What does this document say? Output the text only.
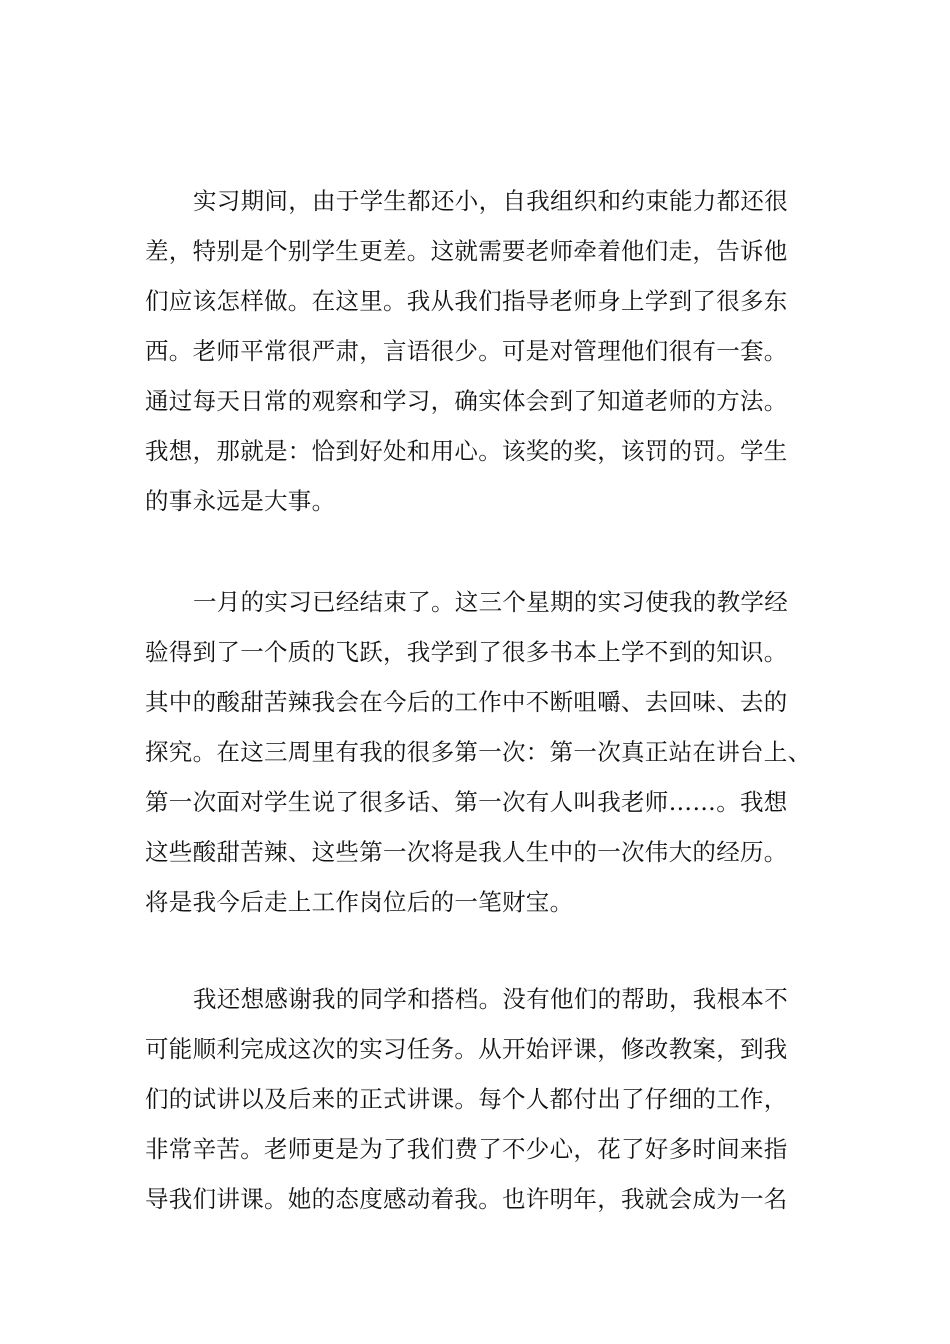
实习期间，由于学生都还小，自我组织和约束能力都还很
差，特别是个别学生更差。这就需要老师牵着他们走，告诉他
们应该怎样做。在这里。我从我们指导老师身上学到了很多东
西。老师平常很严肃，言语很少。可是对管理他们很有一套。
通过每天日常的观察和学习，确实体会到了知道老师的方法。
我想，那就是：恰到好处和用心。该奖的奖，该罚的罚。学生
的事永远是大事。
一月的实习已经结束了。这三个星期的实习使我的教学经
验得到了一个质的飞跃，我学到了很多书本上学不到的知识。
其中的酸甜苦辣我会在今后的工作中不断咀嚼、去回味、去的
探究。在这三周里有我的很多第一次：第一次真正站在讲台上、
第一次面对学生说了很多话、第一次有人叫我老师……。我想
这些酸甜苦辣、这些第一次将是我人生中的一次伟大的经历。
将是我今后走上工作岗位后的一笔财宝。
我还想感谢我的同学和搭档。没有他们的帮助，我根本不
可能顺利完成这次的实习任务。从开始评课，修改教案，到我
们的试讲以及后来的正式讲课。每个人都付出了仔细的工作，
非常辛苦。老师更是为了我们费了不少心，花了好多时间来指
导我们讲课。她的态度感动着我。也许明年，我就会成为一名
